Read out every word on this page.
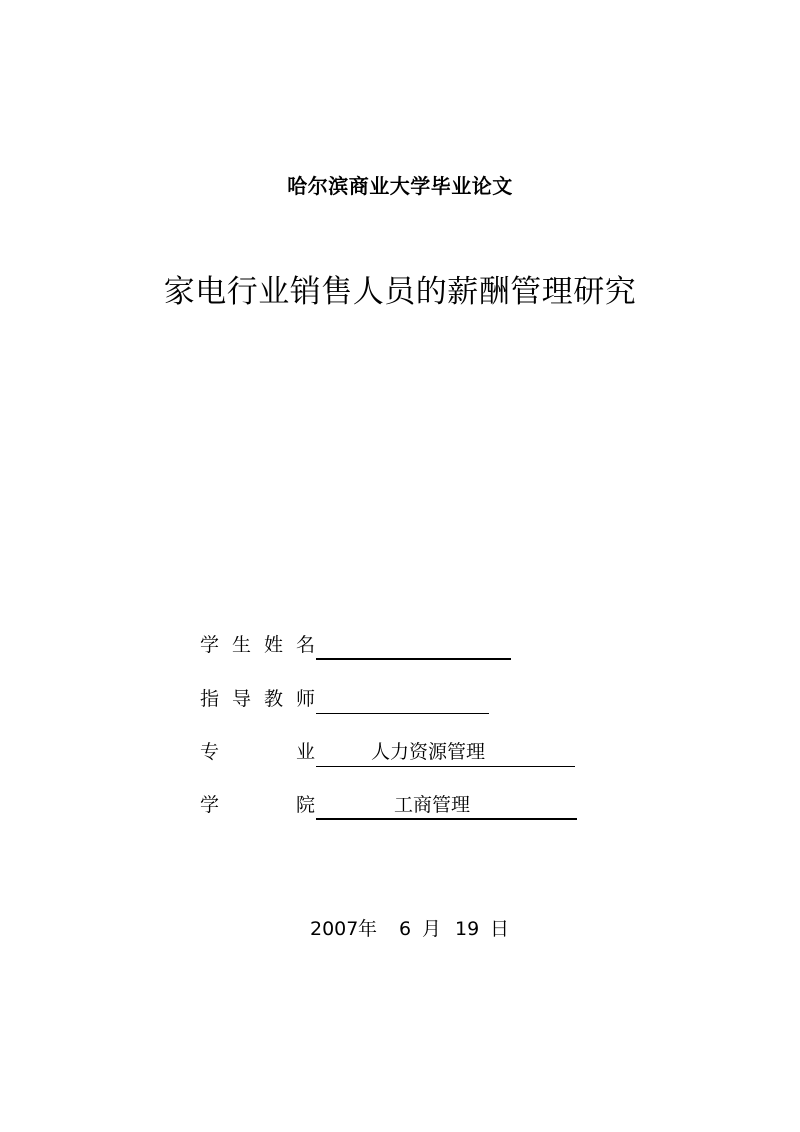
哈尔滨商业大学毕业论文
家电行业销售人员的薪酬管理研究
学 生 姓 名
指 导 教 师
专	业	人力资源管理
学	院	工商管理
2007 年 6 月 19 日
